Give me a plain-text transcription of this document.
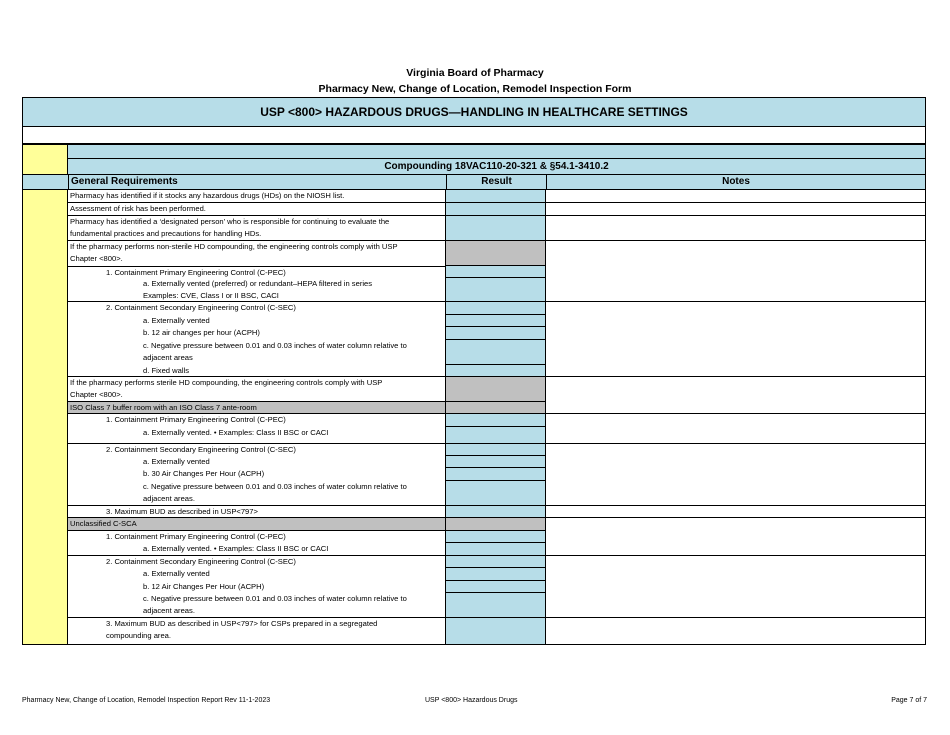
Virginia Board of Pharmacy
Pharmacy New, Change of Location, Remodel Inspection Form
USP <800> HAZARDOUS DRUGS—HANDLING IN HEALTHCARE SETTINGS
Compounding 18VAC110-20-321 & §54.1-3410.2
General Requirements	Result	Notes
Pharmacy has identified if it stocks any hazardous drugs (HDs) on the NIOSH list.
Assessment of risk has been performed.
Pharmacy has identified a ‘designated person’ who is responsible for continuing to evaluate the
fundamental practices and precautions for handling HDs.
If the pharmacy performs non-sterile HD compounding, the engineering controls comply with USP
Chapter <800>.
1. Containment Primary Engineering Control (C-PEC)
a. Externally vented (preferred) or redundant–HEPA filtered in series
Examples: CVE, Class I or II BSC, CACI
2. Containment Secondary Engineering Control (C-SEC)
a. Externally vented
b. 12 air changes per hour (ACPH)
c. Negative pressure between 0.01 and 0.03 inches of water column relative to
adjacent areas
d. Fixed walls
If the pharmacy performs sterile HD compounding, the engineering controls comply with USP
Chapter <800>.
ISO Class 7 buffer room with an ISO Class 7 ante-room
1. Containment Primary Engineering Control (C-PEC)
a. Externally vented. • Examples: Class II BSC or CACI
2. Containment Secondary Engineering Control (C-SEC)
a. Externally vented
b. 30 Air Changes Per Hour (ACPH)
c. Negative pressure between 0.01 and 0.03 inches of water column relative to
adjacent areas.
3. Maximum BUD as described in USP<797>
Unclassified C-SCA
1. Containment Primary Engineering Control (C-PEC)
a. Externally vented. • Examples: Class II BSC or CACI
2. Containment Secondary Engineering Control (C-SEC)
a. Externally vented
b. 12 Air Changes Per Hour (ACPH)
c. Negative pressure between 0.01 and 0.03 inches of water column relative to
adjacent areas.
3. Maximum BUD as described in USP<797> for CSPs prepared in a segregated
compounding area.
Pharmacy New, Change of Location, Remodel Inspection Report Rev 11-1-2023	USP <800> Hazardous Drugs	Page 7 of 7
